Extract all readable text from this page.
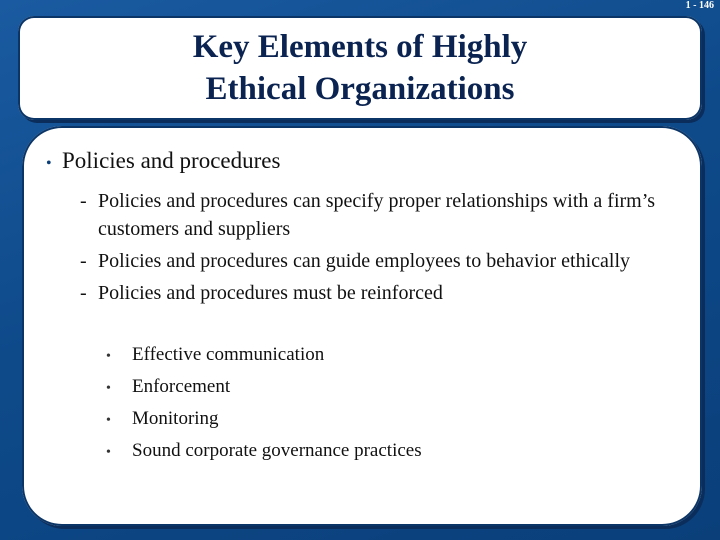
1 - 146
Key Elements of Highly
Ethical Organizations
• Policies and procedures
- Policies and procedures can specify proper relationships with a firm’s customers and suppliers
- Policies and procedures can guide employees to behavior ethically
- Policies and procedures must be reinforced
•	Effective communication
•	Enforcement
•	Monitoring
•	Sound corporate governance practices
